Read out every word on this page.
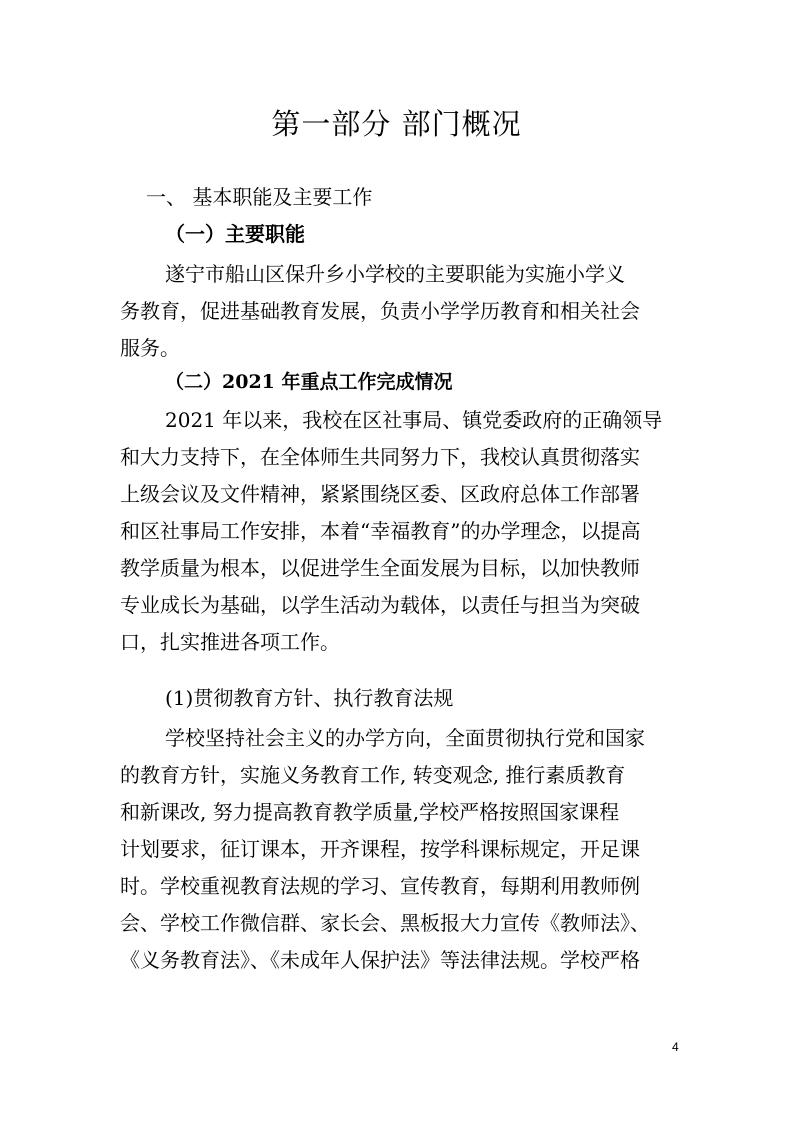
第一部分 部门概况
一、 基本职能及主要工作
（一）主要职能
遂宁市船山区保升乡小学校的主要职能为实施小学义
务教育，促进基础教育发展，负责小学学历教育和相关社会
服务。
（二）2021 年重点工作完成情况
2021 年以来，我校在区社事局、镇党委政府的正确领导
和大力支持下，在全体师生共同努力下，我校认真贯彻落实
上级会议及文件精神，紧紧围绕区委、区政府总体工作部署
和区社事局工作安排，本着“幸福教育”的办学理念，以提高
教学质量为根本，以促进学生全面发展为目标，以加快教师
专业成长为基础，以学生活动为载体，以责任与担当为突破
口，扎实推进各项工作。
(1)贯彻教育方针、执行教育法规
学校坚持社会主义的办学方向，全面贯彻执行党和国家
的教育方针，实施义务教育工作, 转变观念, 推行素质教育
和新课改, 努力提高教育教学质量,学校严格按照国家课程
计划要求，征订课本，开齐课程，按学科课标规定，开足课
时。学校重视教育法规的学习、宣传教育，每期利用教师例
会、学校工作微信群、家长会、黑板报大力宣传《教师法》、
《义务教育法》、《未成年人保护法》等法律法规。学校严格
4
